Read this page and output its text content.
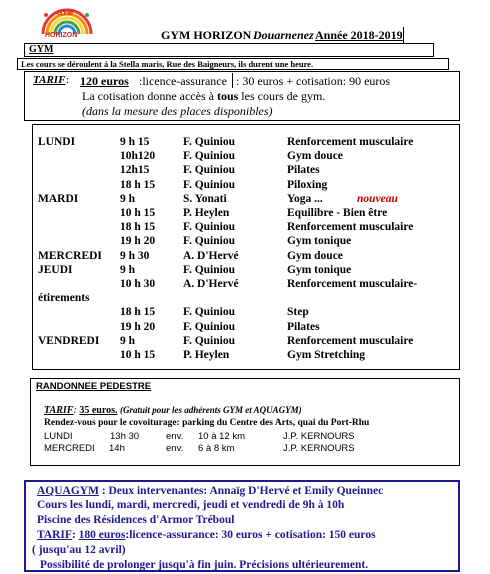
GYM
HORIZON	GYM HORIZON Douarnenez Année 2018-2019
GYM
Les cours se déroulent à la Stella maris, Rue des Baigneurs, ils durent une heure.
TARIF : 120 euros :licence-assurance : 30 euros + cotisation: 90 euros
La cotisation donne accès à tous les cours de gym.
(dans la mesure des places disponibles)
LUNDI	9 h 15	F. Quiniou	Renforcement musculaire
10h120 F. Quiniou	Gym douce
12h15	F. Quiniou	Pilates
18 h 15 F. Quiniou	Piloxing
MARDI	9 h	S. Yonati	Yoga ...	nouveau
10 h 15 P. Heylen	Equilibre - Bien être
18 h 15 F. Quiniou	Renforcement musculaire
19 h 20 F. Quiniou	Gym tonique
MERCREDI 9 h 30	A. D'Hervé	Gym douce
JEUDI	9 h	F. Quiniou	Gym tonique
10 h 30 A. D'Hervé	Renforcement musculaire-
étirements
18 h 15 F. Quiniou	Step
19 h 20 F. Quiniou	Pilates
VENDREDI 9 h	F. Quiniou	Renforcement musculaire
10 h 15 P. Heylen	Gym Stretching
RANDONNEE PEDESTRE
TARIF: 35 euros. (Gratuit pour les adhérents GYM et AQUAGYM)
Rendez-vous pour le covoiturage: parking du Centre des Arts, quai du Port-Rhu
LUNDI	13h 30	env. 10 à 12 km	J.P. KERNOURS
MERCREDI 14h	env. 6 à 8 km	J.P. KERNOURS
AQUAGYM : Deux intervenantes: Annaïg D'Hervé et Emily Queinnec
Cours les lundi, mardi, mercredi, jeudi et vendredi de 9h à 10h
Piscine des Résidences d'Armor Tréboul
TARIF: 180 euros:licence-assurance: 30 euros + cotisation: 150 euros
( jusqu'au 12 avril)
Possibilité de prolonger jusqu'à fin juin. Précisions ultérieurement.
